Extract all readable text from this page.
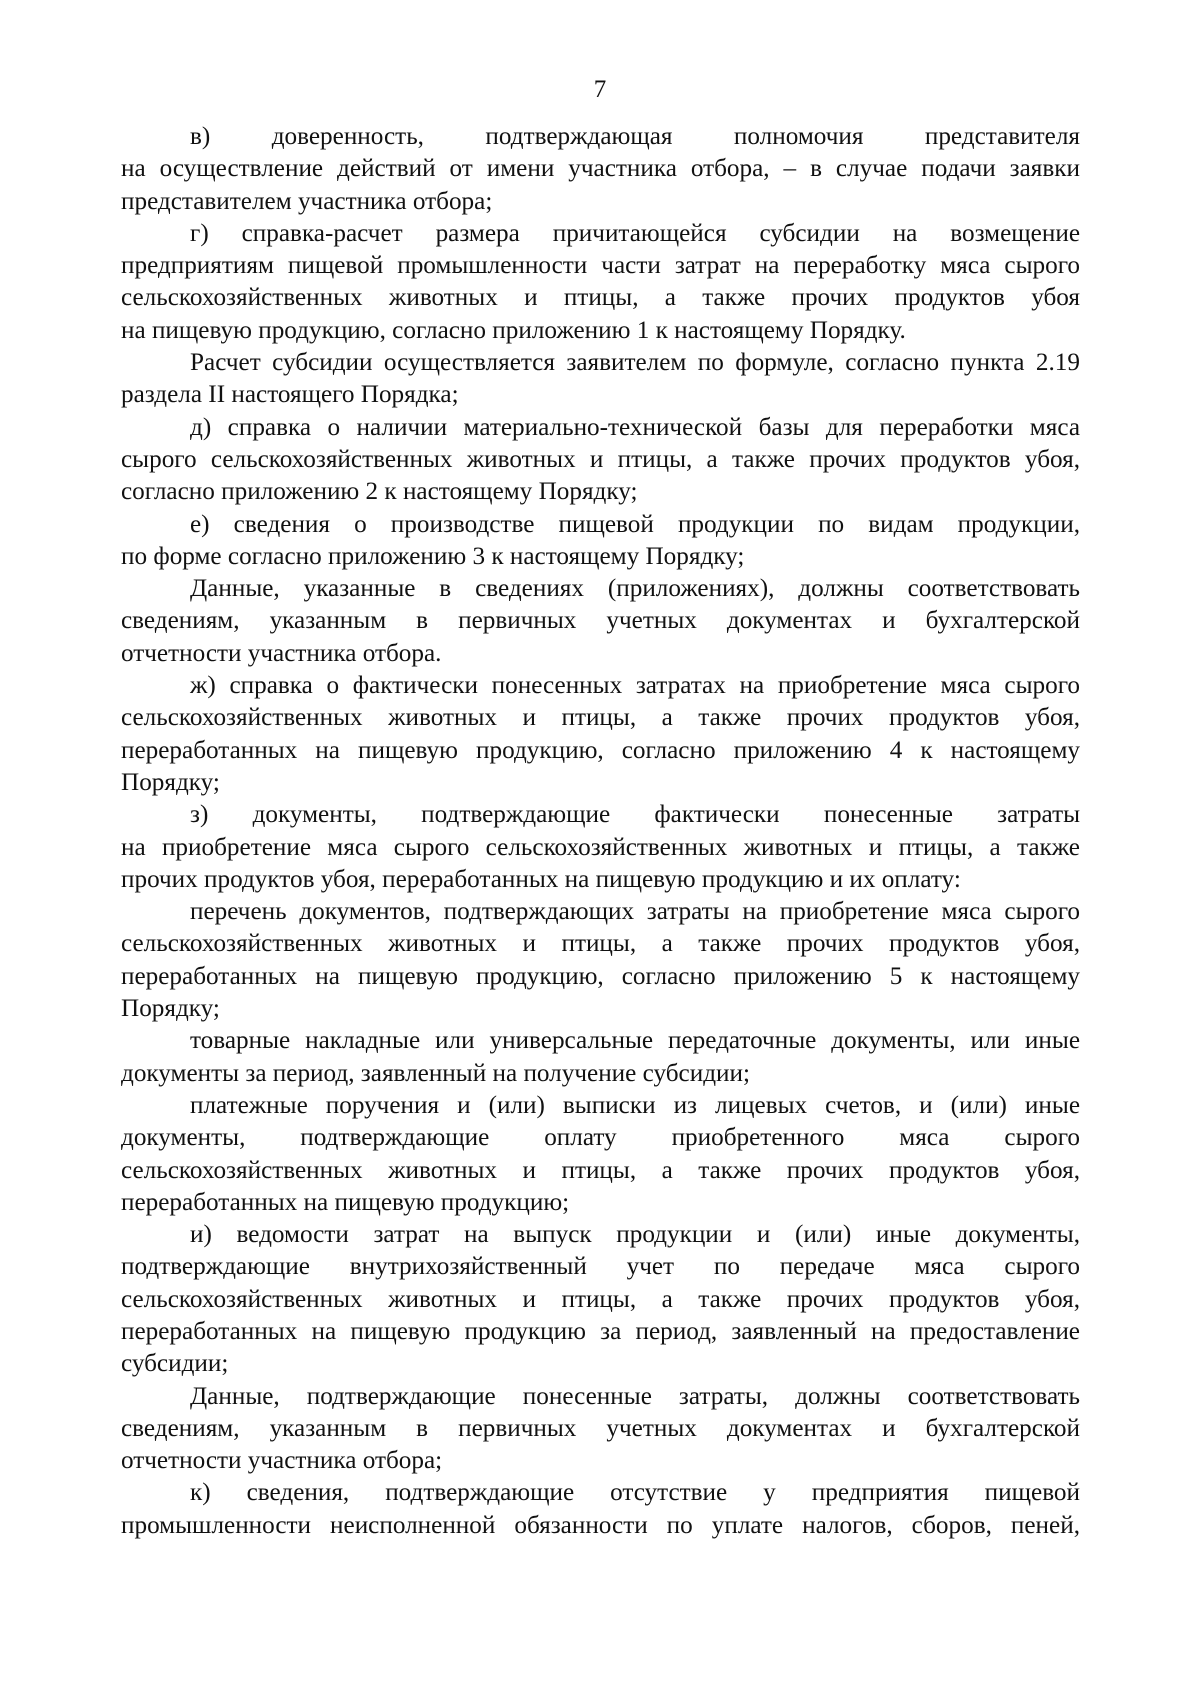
7

в) доверенность, подтверждающая полномочия представителя
на осуществление действий от имени участника отбора, – в случае подачи заявки
представителем участника отбора;

г) справка-расчет размера причитающейся субсидии на возмещение
предприятиям пищевой промышленности части затрат на переработку мяса сырого
сельскохозяйственных животных и птицы, а также прочих продуктов убоя
на пищевую продукцию, согласно приложению 1 к настоящему Порядку.

Расчет субсидии осуществляется заявителем по формуле, согласно пункта 2.19
раздела II настоящего Порядка;

д) справка о наличии материально-технической базы для переработки мяса
сырого сельскохозяйственных животных и птицы, а также прочих продуктов убоя,
согласно приложению 2 к настоящему Порядку;

е) сведения о производстве пищевой продукции по видам продукции,
по форме согласно приложению 3 к настоящему Порядку;

Данные, указанные в сведениях (приложениях), должны соответствовать
сведениям, указанным в первичных учетных документах и бухгалтерской
отчетности участника отбора.

ж) справка о фактически понесенных затратах на приобретение мяса сырого
сельскохозяйственных животных и птицы, а также прочих продуктов убоя,
переработанных на пищевую продукцию, согласно приложению 4 к настоящему
Порядку;

з) документы, подтверждающие фактически понесенные затраты
на приобретение мяса сырого сельскохозяйственных животных и птицы, а также
прочих продуктов убоя, переработанных на пищевую продукцию и их оплату:

перечень документов, подтверждающих затраты на приобретение мяса сырого
сельскохозяйственных животных и птицы, а также прочих продуктов убоя,
переработанных на пищевую продукцию, согласно приложению 5 к настоящему
Порядку;

товарные накладные или универсальные передаточные документы, или иные
документы за период, заявленный на получение субсидии;

платежные поручения и (или) выписки из лицевых счетов, и (или) иные
документы, подтверждающие оплату приобретенного мяса сырого
сельскохозяйственных животных и птицы, а также прочих продуктов убоя,
переработанных на пищевую продукцию;

и) ведомости затрат на выпуск продукции и (или) иные документы,
подтверждающие внутрихозяйственный учет по передаче мяса сырого
сельскохозяйственных животных и птицы, а также прочих продуктов убоя,
переработанных на пищевую продукцию за период, заявленный на предоставление
субсидии;

Данные, подтверждающие понесенные затраты, должны соответствовать
сведениям, указанным в первичных учетных документах и бухгалтерской
отчетности участника отбора;

к) сведения, подтверждающие отсутствие у предприятия пищевой
промышленности неисполненной обязанности по уплате налогов, сборов, пеней,
